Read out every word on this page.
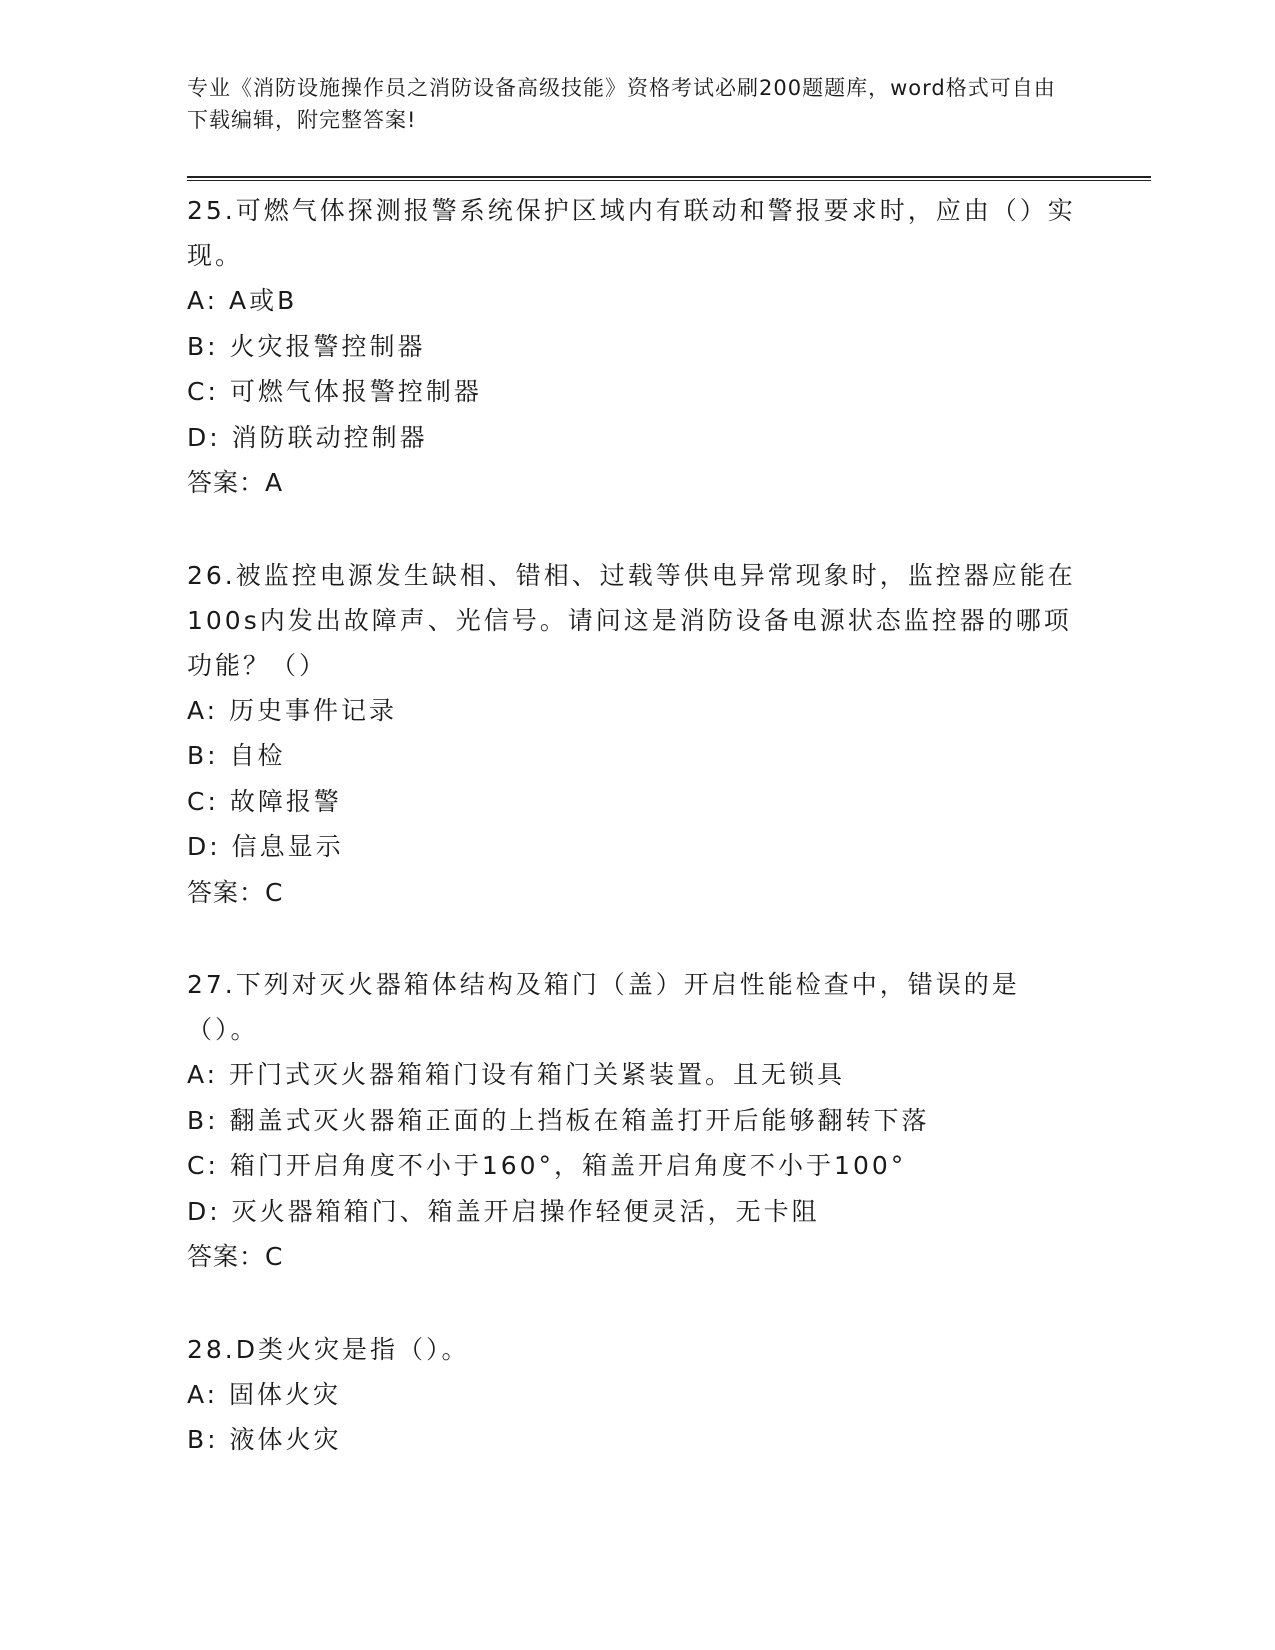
专业《消防设施操作员之消防设备高级技能》资格考试必刷200题题库，word格式可自由下载编辑，附完整答案!
25.可燃气体探测报警系统保护区域内有联动和警报要求时，应由（）实现。
A: A或B
B: 火灾报警控制器
C: 可燃气体报警控制器
D: 消防联动控制器
答案：A
26.被监控电源发生缺相、错相、过载等供电异常现象时，监控器应能在100s内发出故障声、光信号。请问这是消防设备电源状态监控器的哪项功能？（）
A: 历史事件记录
B: 自检
C: 故障报警
D: 信息显示
答案：C
27.下列对灭火器箱体结构及箱门（盖）开启性能检查中，错误的是（）。
A: 开门式灭火器箱箱门设有箱门关紧装置。且无锁具
B: 翻盖式灭火器箱正面的上挡板在箱盖打开后能够翻转下落
C: 箱门开启角度不小于160°，箱盖开启角度不小于100°
D: 灭火器箱箱门、箱盖开启操作轻便灵活，无卡阻
答案：C
28.D类火灾是指（）。
A: 固体火灾
B: 液体火灾
